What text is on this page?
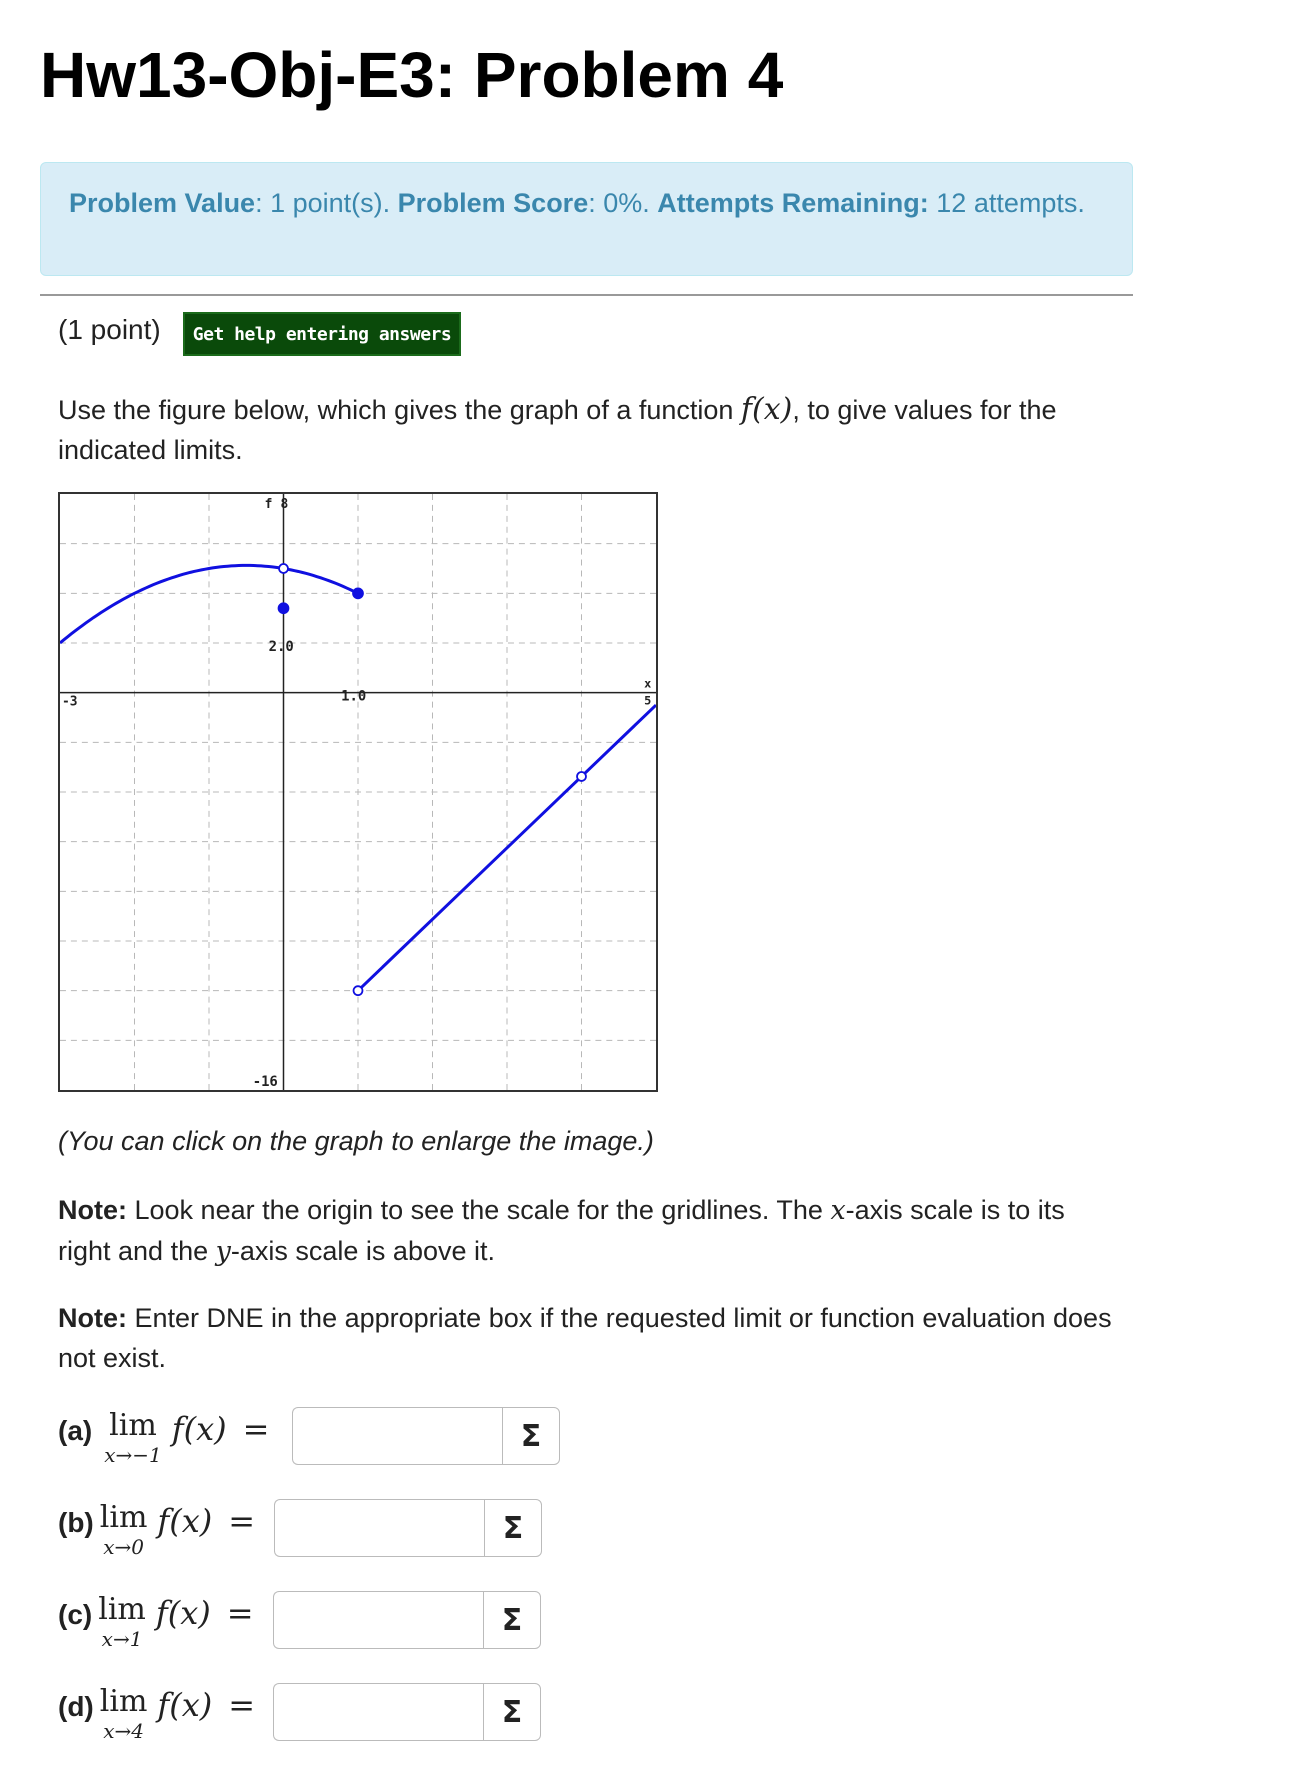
Hw13-Obj-E3: Problem 4
Problem Value: 1 point(s). Problem Score: 0%. Attempts Remaining: 12 attempts.
(1 point)	Get help entering answers

Use the figure below, which gives the graph of a function f(x), to give values for the indicated limits.

f 8
2.0
1.0
-3	5
x
-16
(You can click on the graph to enlarge the image.)

Note: Look near the origin to see the scale for the gridlines. The x-axis scale is to its right and the y-axis scale is above it.

Note: Enter DNE in the appropriate box if the requested limit or function evaluation does not exist.

(a) lim
x→−1
f(x) =	Σ
(b) lim
x→0
f(x) =	Σ
(c) lim
x→1
f(x) =	Σ
(d) lim
x→4
f(x) =	Σ
